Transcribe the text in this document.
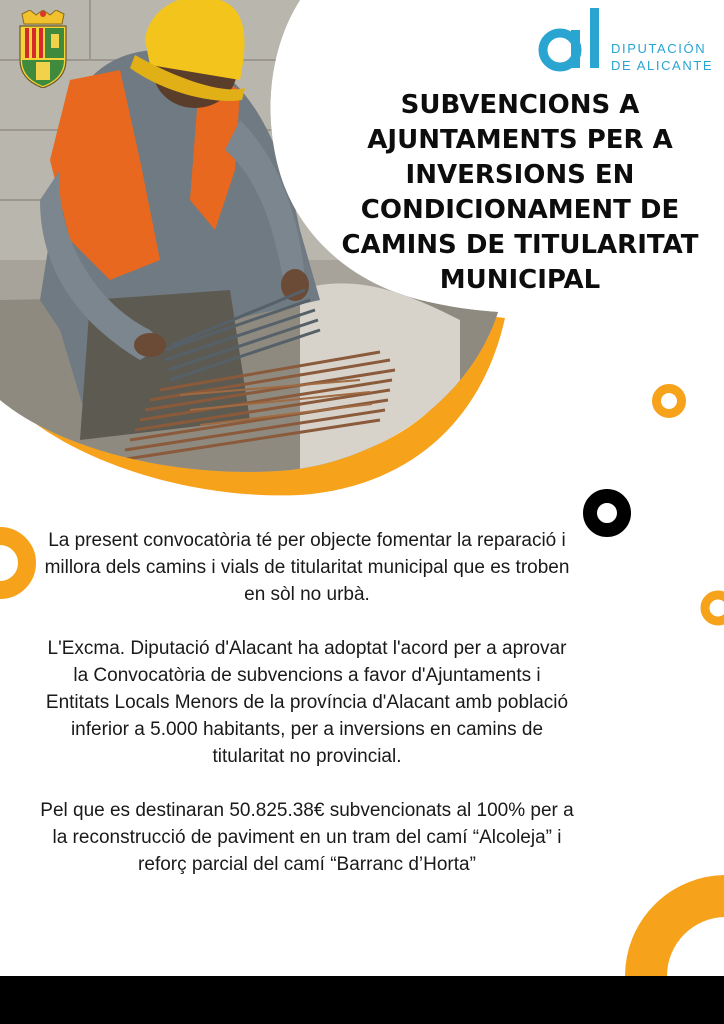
DIPUTACIÓN
DE ALICANTE
SUBVENCIONS A
AJUNTAMENTS PER A
INVERSIONS EN
CONDICIONAMENT DE
CAMINS DE TITULARITAT
MUNICIPAL

La present convocatòria té per objecte fomentar la reparació i millora dels camins i vials de titularitat municipal que es troben en sòl no urbà.

L'Excma. Diputació d'Alacant ha adoptat l'acord per a aprovar la Convocatòria de subvencions a favor d'Ajuntaments i Entitats Locals Menors de la província d'Alacant amb població inferior a 5.000 habitants, per a inversions en camins de titularitat no provincial.

Pel que es destinaran 50.825.38€ subvencionats al 100% per a la reconstrucció de paviment en un tram del camí “Alcoleja” i reforç parcial del camí “Barranc d’Horta”
